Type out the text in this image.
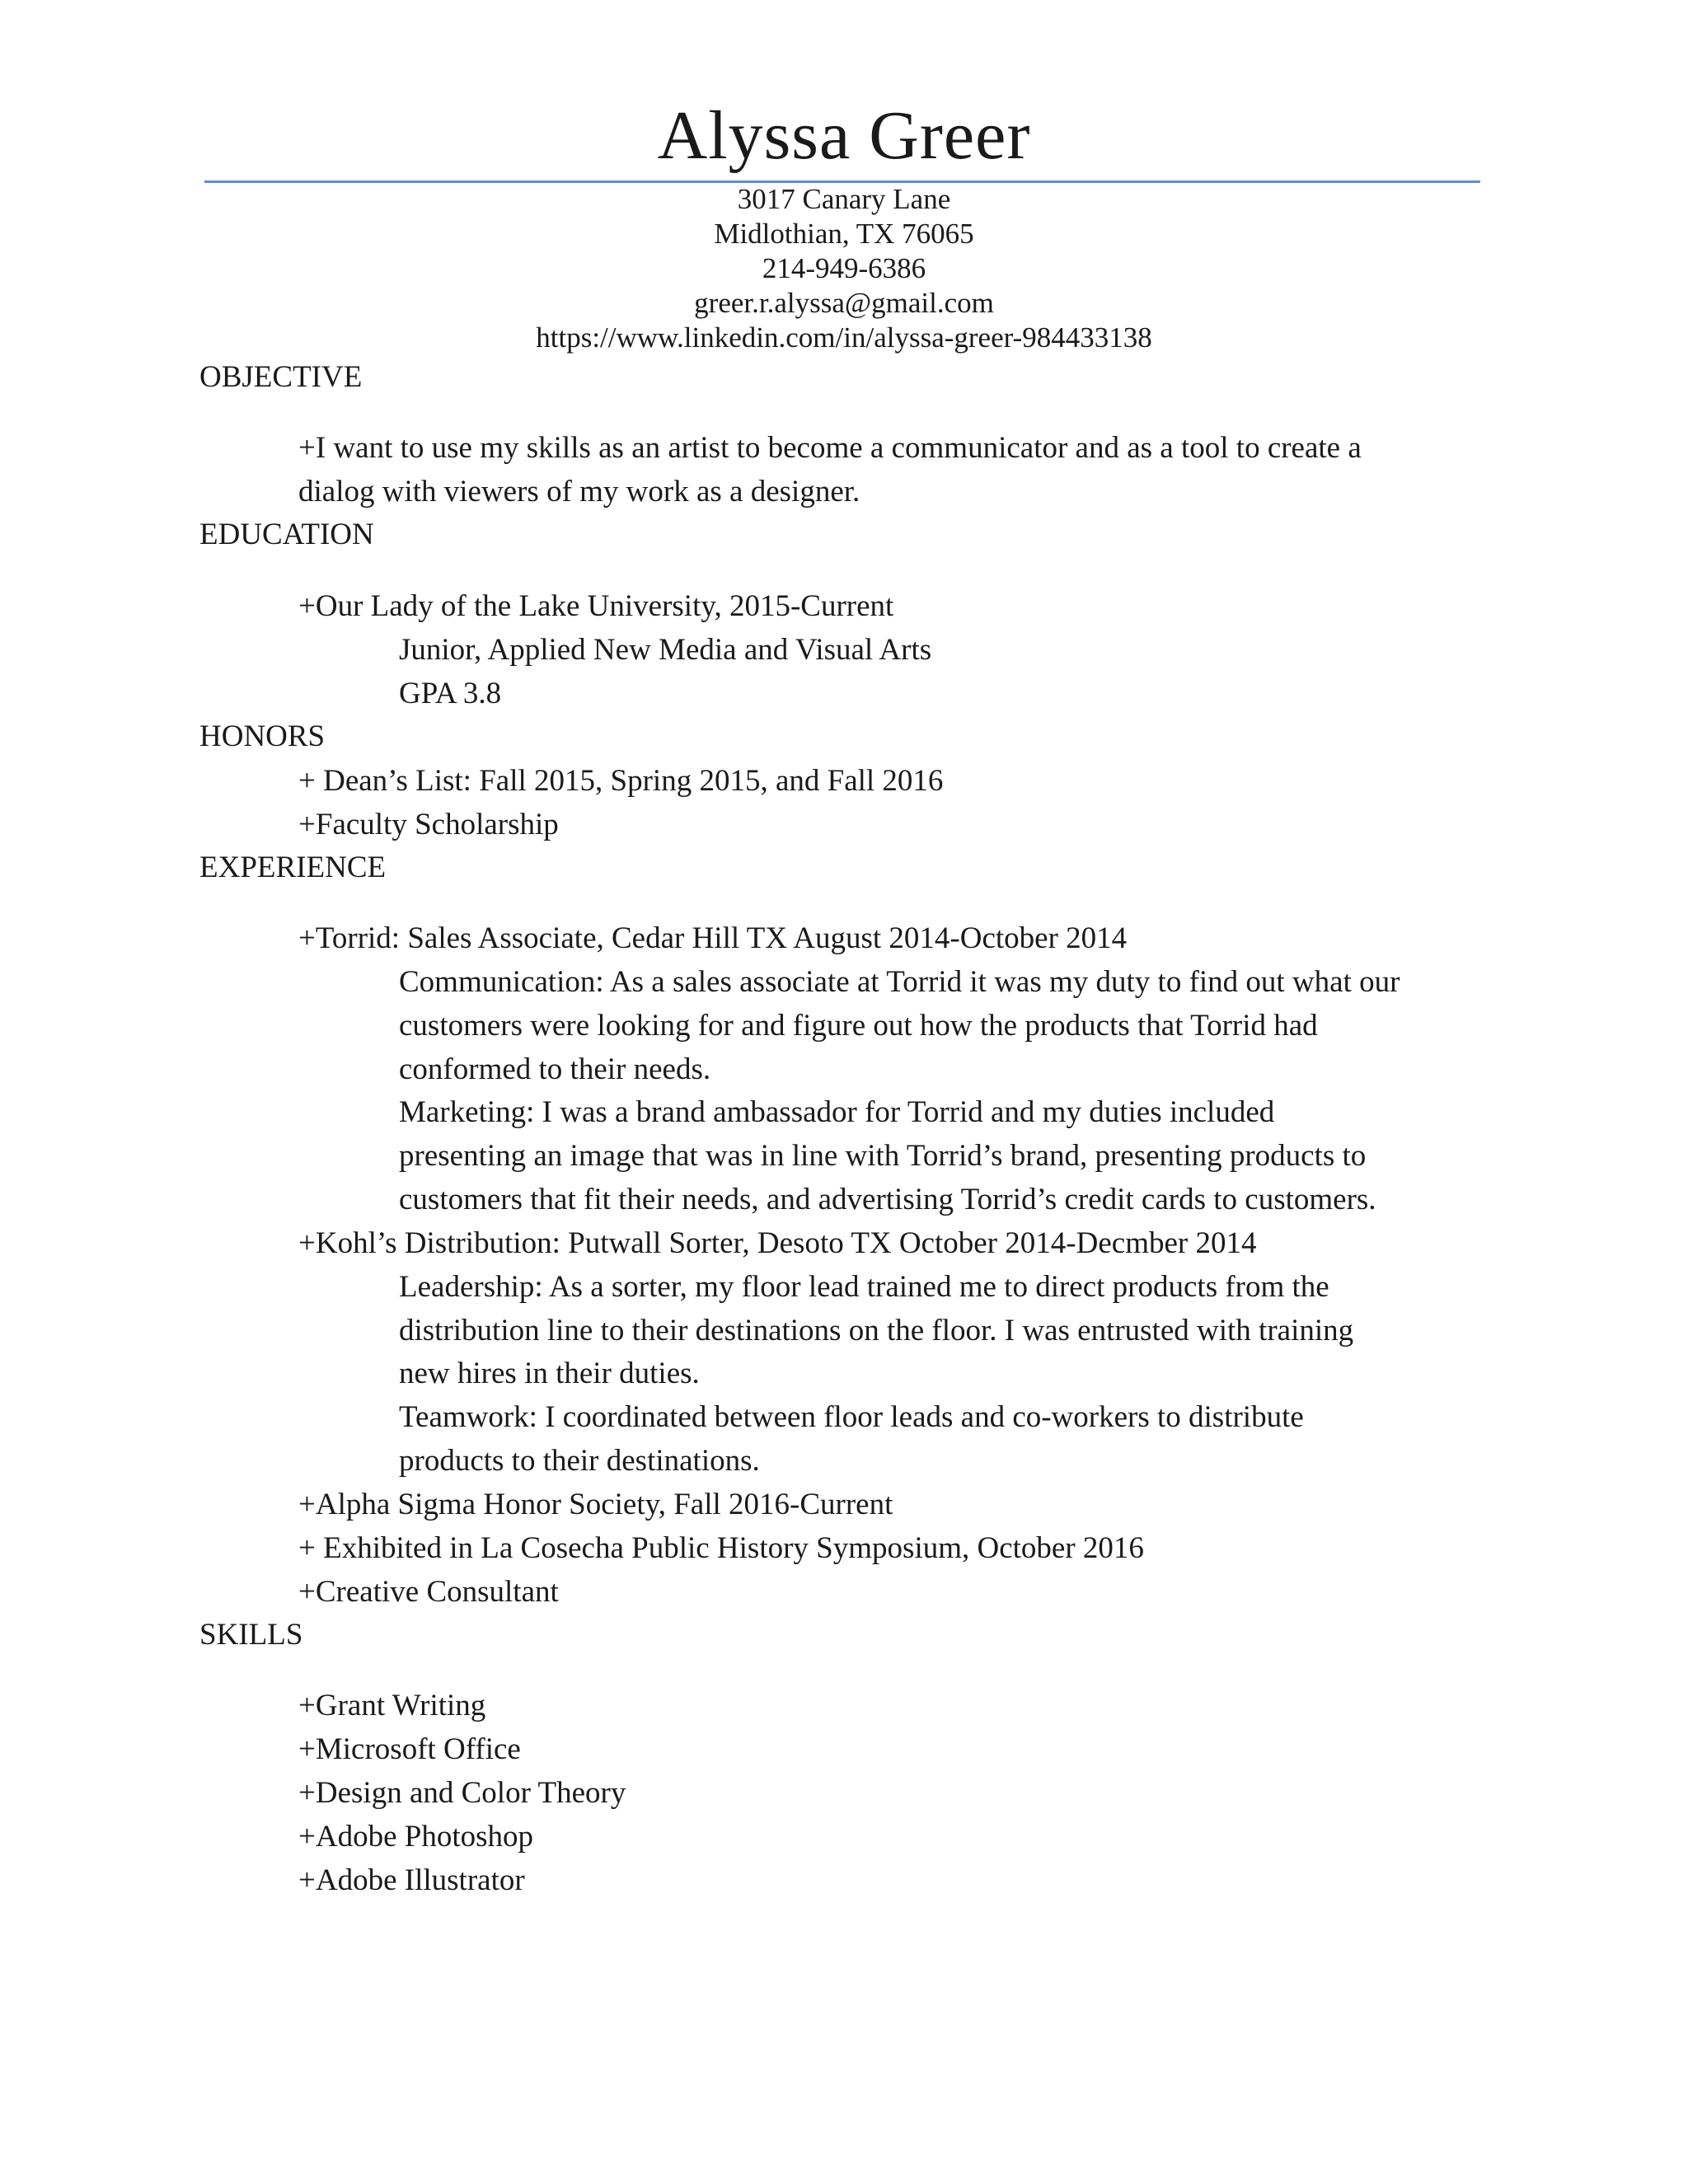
Alyssa Greer
3017 Canary Lane
Midlothian, TX 76065
214-949-6386
greer.r.alyssa@gmail.com
https://www.linkedin.com/in/alyssa-greer-984433138
OBJECTIVE
+I want to use my skills as an artist to become a communicator and as a tool to create a
dialog with viewers of my work as a designer.
EDUCATION
+Our Lady of the Lake University, 2015-Current
Junior, Applied New Media and Visual Arts
GPA 3.8
HONORS
+ Dean’s List: Fall 2015, Spring 2015, and Fall 2016
+Faculty Scholarship
EXPERIENCE
+Torrid: Sales Associate, Cedar Hill TX August 2014-October 2014
Communication: As a sales associate at Torrid it was my duty to find out what our
customers were looking for and figure out how the products that Torrid had
conformed to their needs.
Marketing: I was a brand ambassador for Torrid and my duties included
presenting an image that was in line with Torrid’s brand, presenting products to
customers that fit their needs, and advertising Torrid’s credit cards to customers.
+Kohl’s Distribution: Putwall Sorter, Desoto TX October 2014-Decmber 2014
Leadership: As a sorter, my floor lead trained me to direct products from the
distribution line to their destinations on the floor. I was entrusted with training
new hires in their duties.
Teamwork: I coordinated between floor leads and co-workers to distribute
products to their destinations.
+Alpha Sigma Honor Society, Fall 2016-Current
+ Exhibited in La Cosecha Public History Symposium, October 2016
+Creative Consultant
SKILLS
+Grant Writing
+Microsoft Office
+Design and Color Theory
+Adobe Photoshop
+Adobe Illustrator
